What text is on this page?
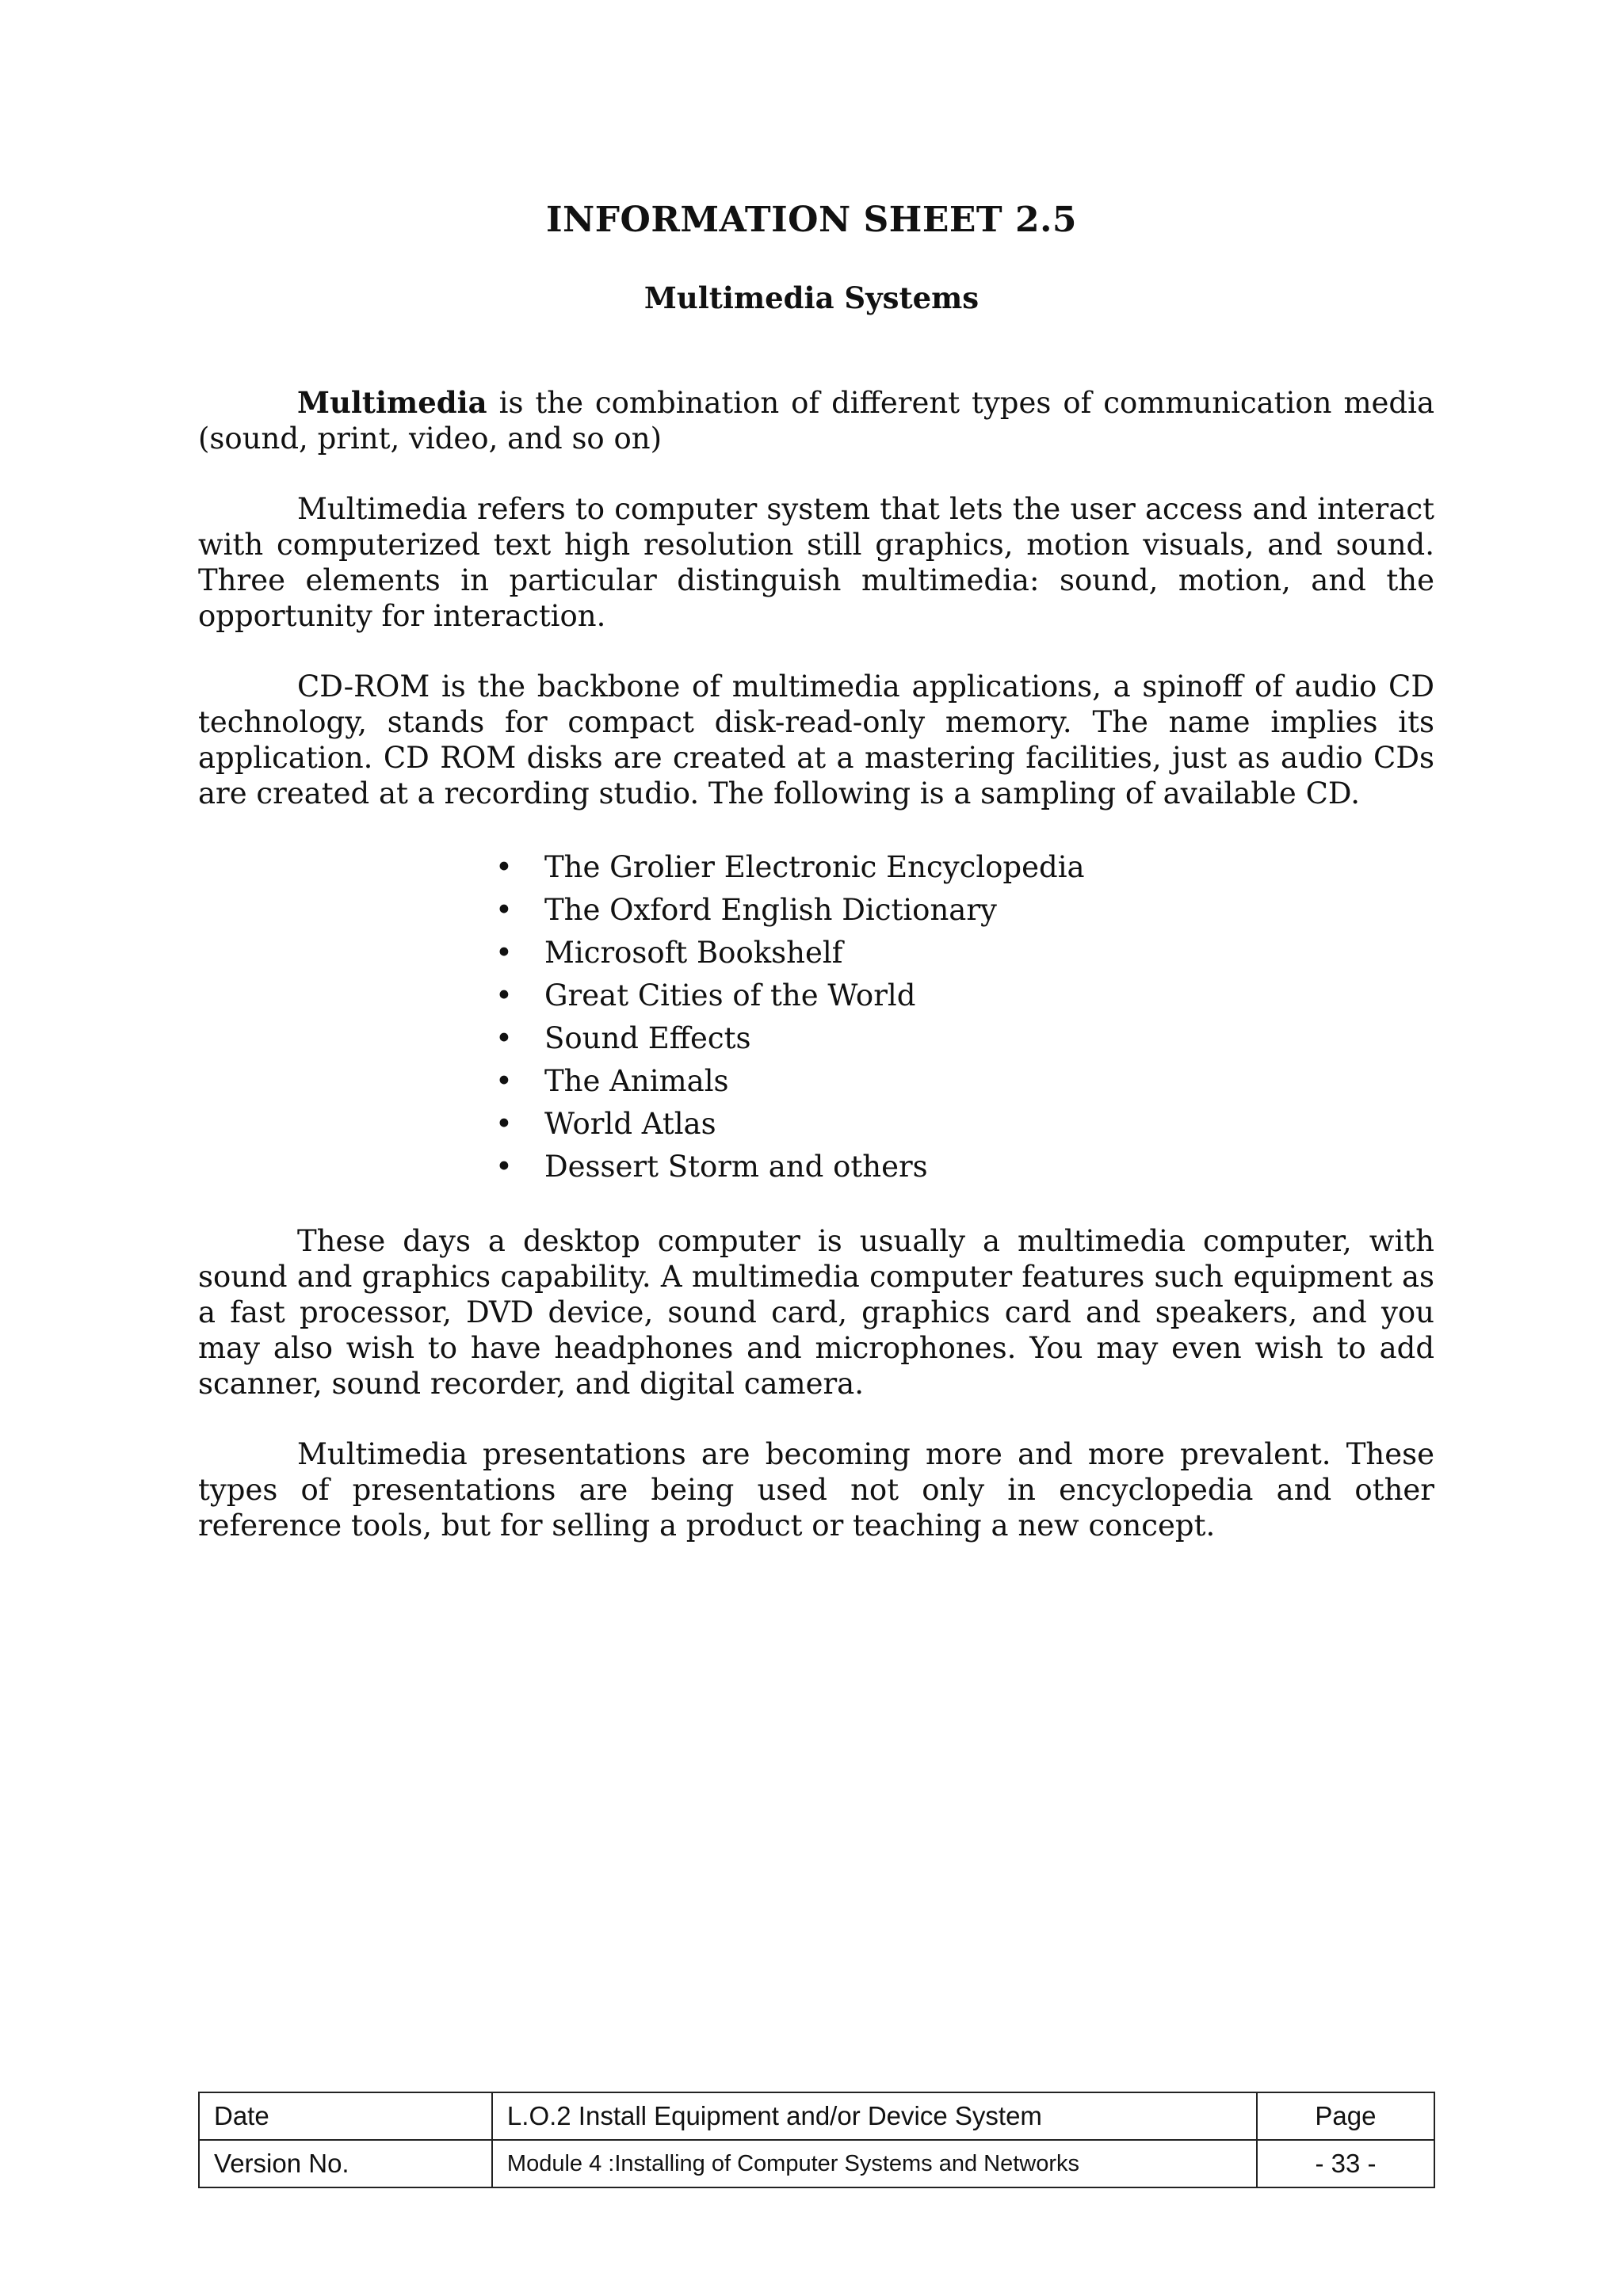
INFORMATION SHEET 2.5
Multimedia Systems

Multimedia is the combination of different types of communication media (sound, print, video, and so on)

Multimedia refers to computer system that lets the user access and interact with computerized text high resolution still graphics, motion visuals, and sound. Three elements in particular distinguish multimedia: sound, motion, and the opportunity for interaction.

CD-ROM is the backbone of multimedia applications, a spinoff of audio CD technology, stands for compact disk-read-only memory. The name implies its application. CD ROM disks are created at a mastering facilities, just as audio CDs are created at a recording studio. The following is a sampling of available CD.

• The Grolier Electronic Encyclopedia
• The Oxford English Dictionary
• Microsoft Bookshelf
• Great Cities of the World
• Sound Effects
• The Animals
• World Atlas
• Dessert Storm and others

These days a desktop computer is usually a multimedia computer, with sound and graphics capability. A multimedia computer features such equipment as a fast processor, DVD device, sound card, graphics card and speakers, and you may also wish to have headphones and microphones. You may even wish to add scanner, sound recorder, and digital camera.

Multimedia presentations are becoming more and more prevalent. These types of presentations are being used not only in encyclopedia and other reference tools, but for selling a product or teaching a new concept.

Date	L.O.2 Install Equipment and/or Device System	Page
Version No.	Module 4 :Installing of Computer Systems and Networks	- 33 -
